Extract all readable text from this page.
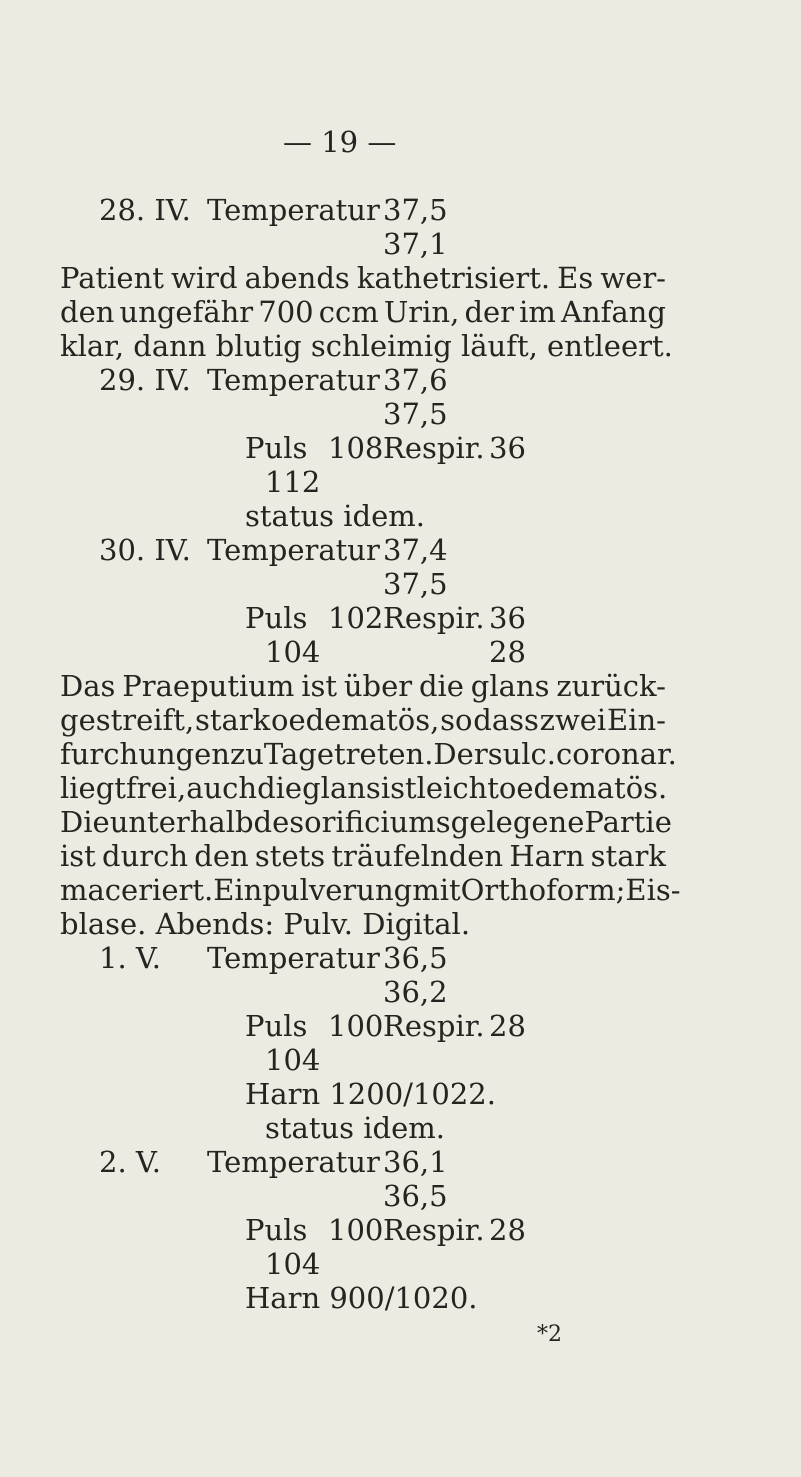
— 19 —
28. IV. Temperatur 37,5
37,1
Patient wird abends kathetrisiert. Es wer-
den ungefähr 700 ccm Urin, der im Anfang
klar, dann blutig schleimig läuft, entleert.
29. IV. Temperatur 37,6
37,5
Puls 108 Respir. 36
112
status idem.
30. IV. Temperatur 37,4
37,5
Puls 102 Respir. 36
104	28
Das Praeputium ist über die glans zurück-
gestreift, stark oedematös, so dass zwei Ein-
furchungen zu Tage treten. Der sulc. coronar.
liegt frei, auch die glans ist leicht oedematös.
Die unterhalb des orificiums gelegene Partie
ist durch den stets träufelnden Harn stark
maceriert. Einpulverung mit Orthoform; Eis-
blase. Abends: Pulv. Digital.
1. V. Temperatur 36,5
36,2
Puls 100 Respir. 28
104
Harn 1200/1022.
status idem.
2. V. Temperatur 36,1
36,5
Puls 100 Respir. 28
104
Harn 900/1020.
*2
